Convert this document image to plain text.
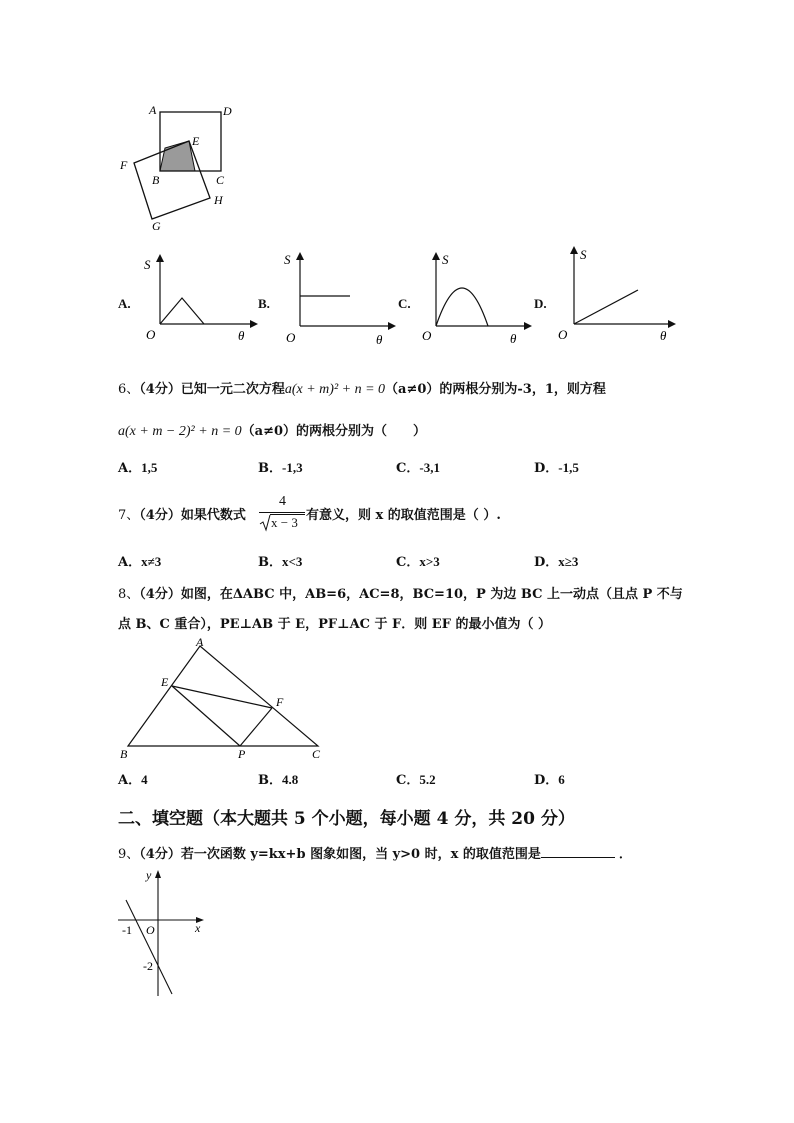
A	D
E
F
B	C
H
G
A.
S
O	θ
B.
S
O	θ
C.
S
O	θ
D.
S
O	θ
6、（4分）已知一元二次方程a(x + m)² + n = 0（a≠0）的两根分别为-3，1，则方程
a(x + m − 2)² + n = 0（a≠0）的两根分别为（　　）
A．1,5	B．-1,3	C．-3,1	D．-1,5
7、（4分）如果代数式
4
x − 3 有意义，则 x 的取值范围是（ ）.
A．x≠3	B．x<3	C．x>3	D．x≥3
8、（4分）如图，在ΔABC 中，AB=6，AC=8，BC=10，P 为边 BC 上一动点（且点 P 不与
点 B、C 重合），PE⊥AB 于 E，PF⊥AC 于 F．则 EF 的最小值为（ ）
A
E
F
B	P	C
A．4	B．4.8	C．5.2	D．6
二、填空题（本大题共 5 个小题，每小题 4 分，共 20 分）
9、（4分）若一次函数 y=kx+b 图象如图，当 y>0 时，x 的取值范围是	．
y
x
O
-1
-2
